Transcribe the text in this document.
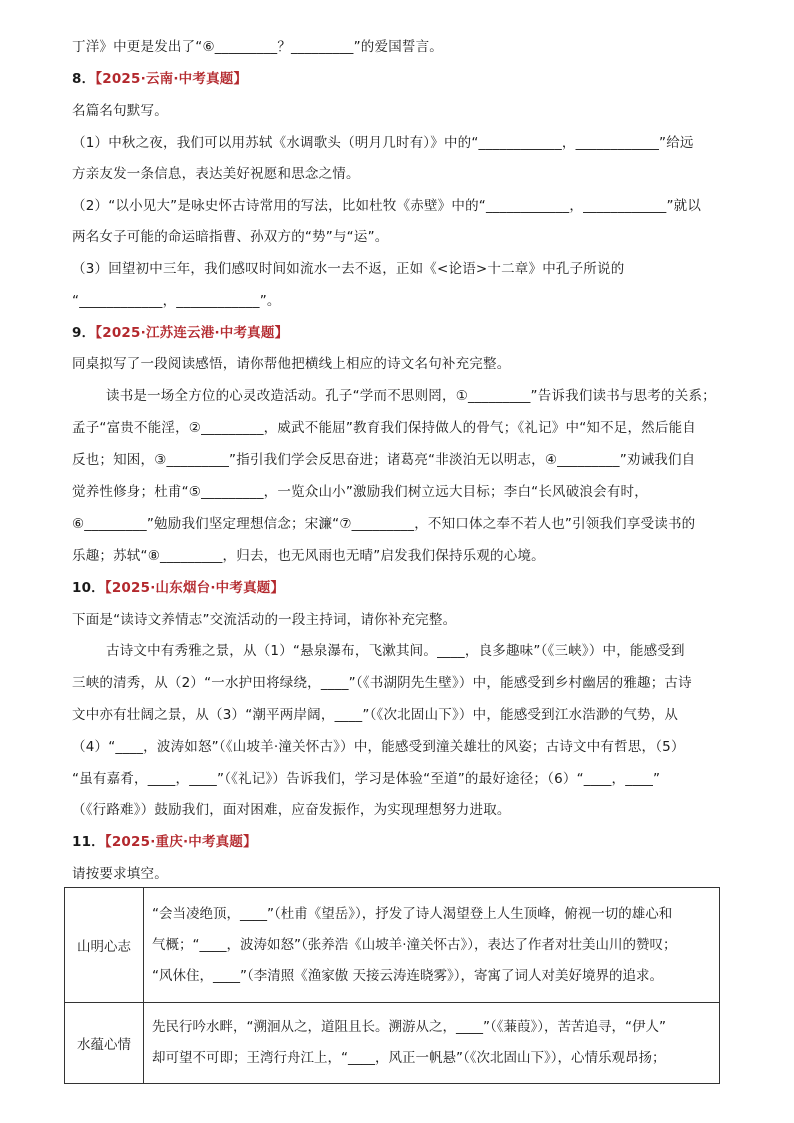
丁洋》中更是发出了“⑥_________？_________”的爱国誓言。
8．【2025·云南·中考真题】
名篇名句默写。
（1）中秋之夜，我们可以用苏轼《水调歌头（明月几时有）》中的“____________，____________”给远
方亲友发一条信息，表达美好祝愿和思念之情。
（2）“以小见大”是咏史怀古诗常用的写法，比如杜牧《赤壁》中的“____________，____________”就以
两名女子可能的命运暗指曹、孙双方的“势”与“运”。
（3）回望初中三年，我们感叹时间如流水一去不返，正如《<论语>十二章》中孔子所说的
“____________，____________”。
9．【2025·江苏连云港·中考真题】
同桌拟写了一段阅读感悟，请你帮他把横线上相应的诗文名句补充完整。
读书是一场全方位的心灵改造活动。孔子“学而不思则罔，①_________”告诉我们读书与思考的关系；
孟子“富贵不能淫，②_________，威武不能屈”教育我们保持做人的骨气；《礼记》中“知不足，然后能自
反也；知困，③_________”指引我们学会反思奋进；诸葛亮“非淡泊无以明志，④_________”劝诫我们自
觉养性修身；杜甫“⑤_________，一览众山小”激励我们树立远大目标；李白“长风破浪会有时，
⑥_________”勉励我们坚定理想信念；宋濂“⑦_________，不知口体之奉不若人也”引领我们享受读书的
乐趣；苏轼“⑧_________，归去，也无风雨也无晴”启发我们保持乐观的心境。
10．【2025·山东烟台·中考真题】
下面是“读诗文养情志”交流活动的一段主持词，请你补充完整。
古诗文中有秀雅之景，从（1）“悬泉瀑布，飞漱其间。____，良多趣味”（《三峡》）中，能感受到
三峡的清秀，从（2）“一水护田将绿绕，____”（《书湖阴先生壁》）中，能感受到乡村幽居的雅趣；古诗
文中亦有壮阔之景，从（3）“潮平两岸阔，____”（《次北固山下》）中，能感受到江水浩渺的气势，从
（4）“____，波涛如怒”（《山坡羊·潼关怀古》）中，能感受到潼关雄壮的风姿；古诗文中有哲思，（5）
“虽有嘉肴，____，____”（《礼记》）告诉我们，学习是体验“至道”的最好途径；（6）“____，____”
（《行路难》）鼓励我们，面对困难，应奋发振作，为实现理想努力进取。
11．【2025·重庆·中考真题】
请按要求填空。
山明心志	“会当凌绝顶，____”（杜甫《望岳》），抒发了诗人渴望登上人生顶峰，俯视一切的雄心和
气概；“____，波涛如怒”（张养浩《山坡羊·潼关怀古》），表达了作者对壮美山川的赞叹；
“风休住，____”（李清照《渔家傲 天接云涛连晓雾》），寄寓了词人对美好境界的追求。

水蕴心情	先民行吟水畔，“溯洄从之，道阻且长。溯游从之，____”（《蒹葭》），苦苦追寻，“伊人”
却可望不可即；王湾行舟江上，“____，风正一帆悬”（《次北固山下》），心情乐观昂扬；
